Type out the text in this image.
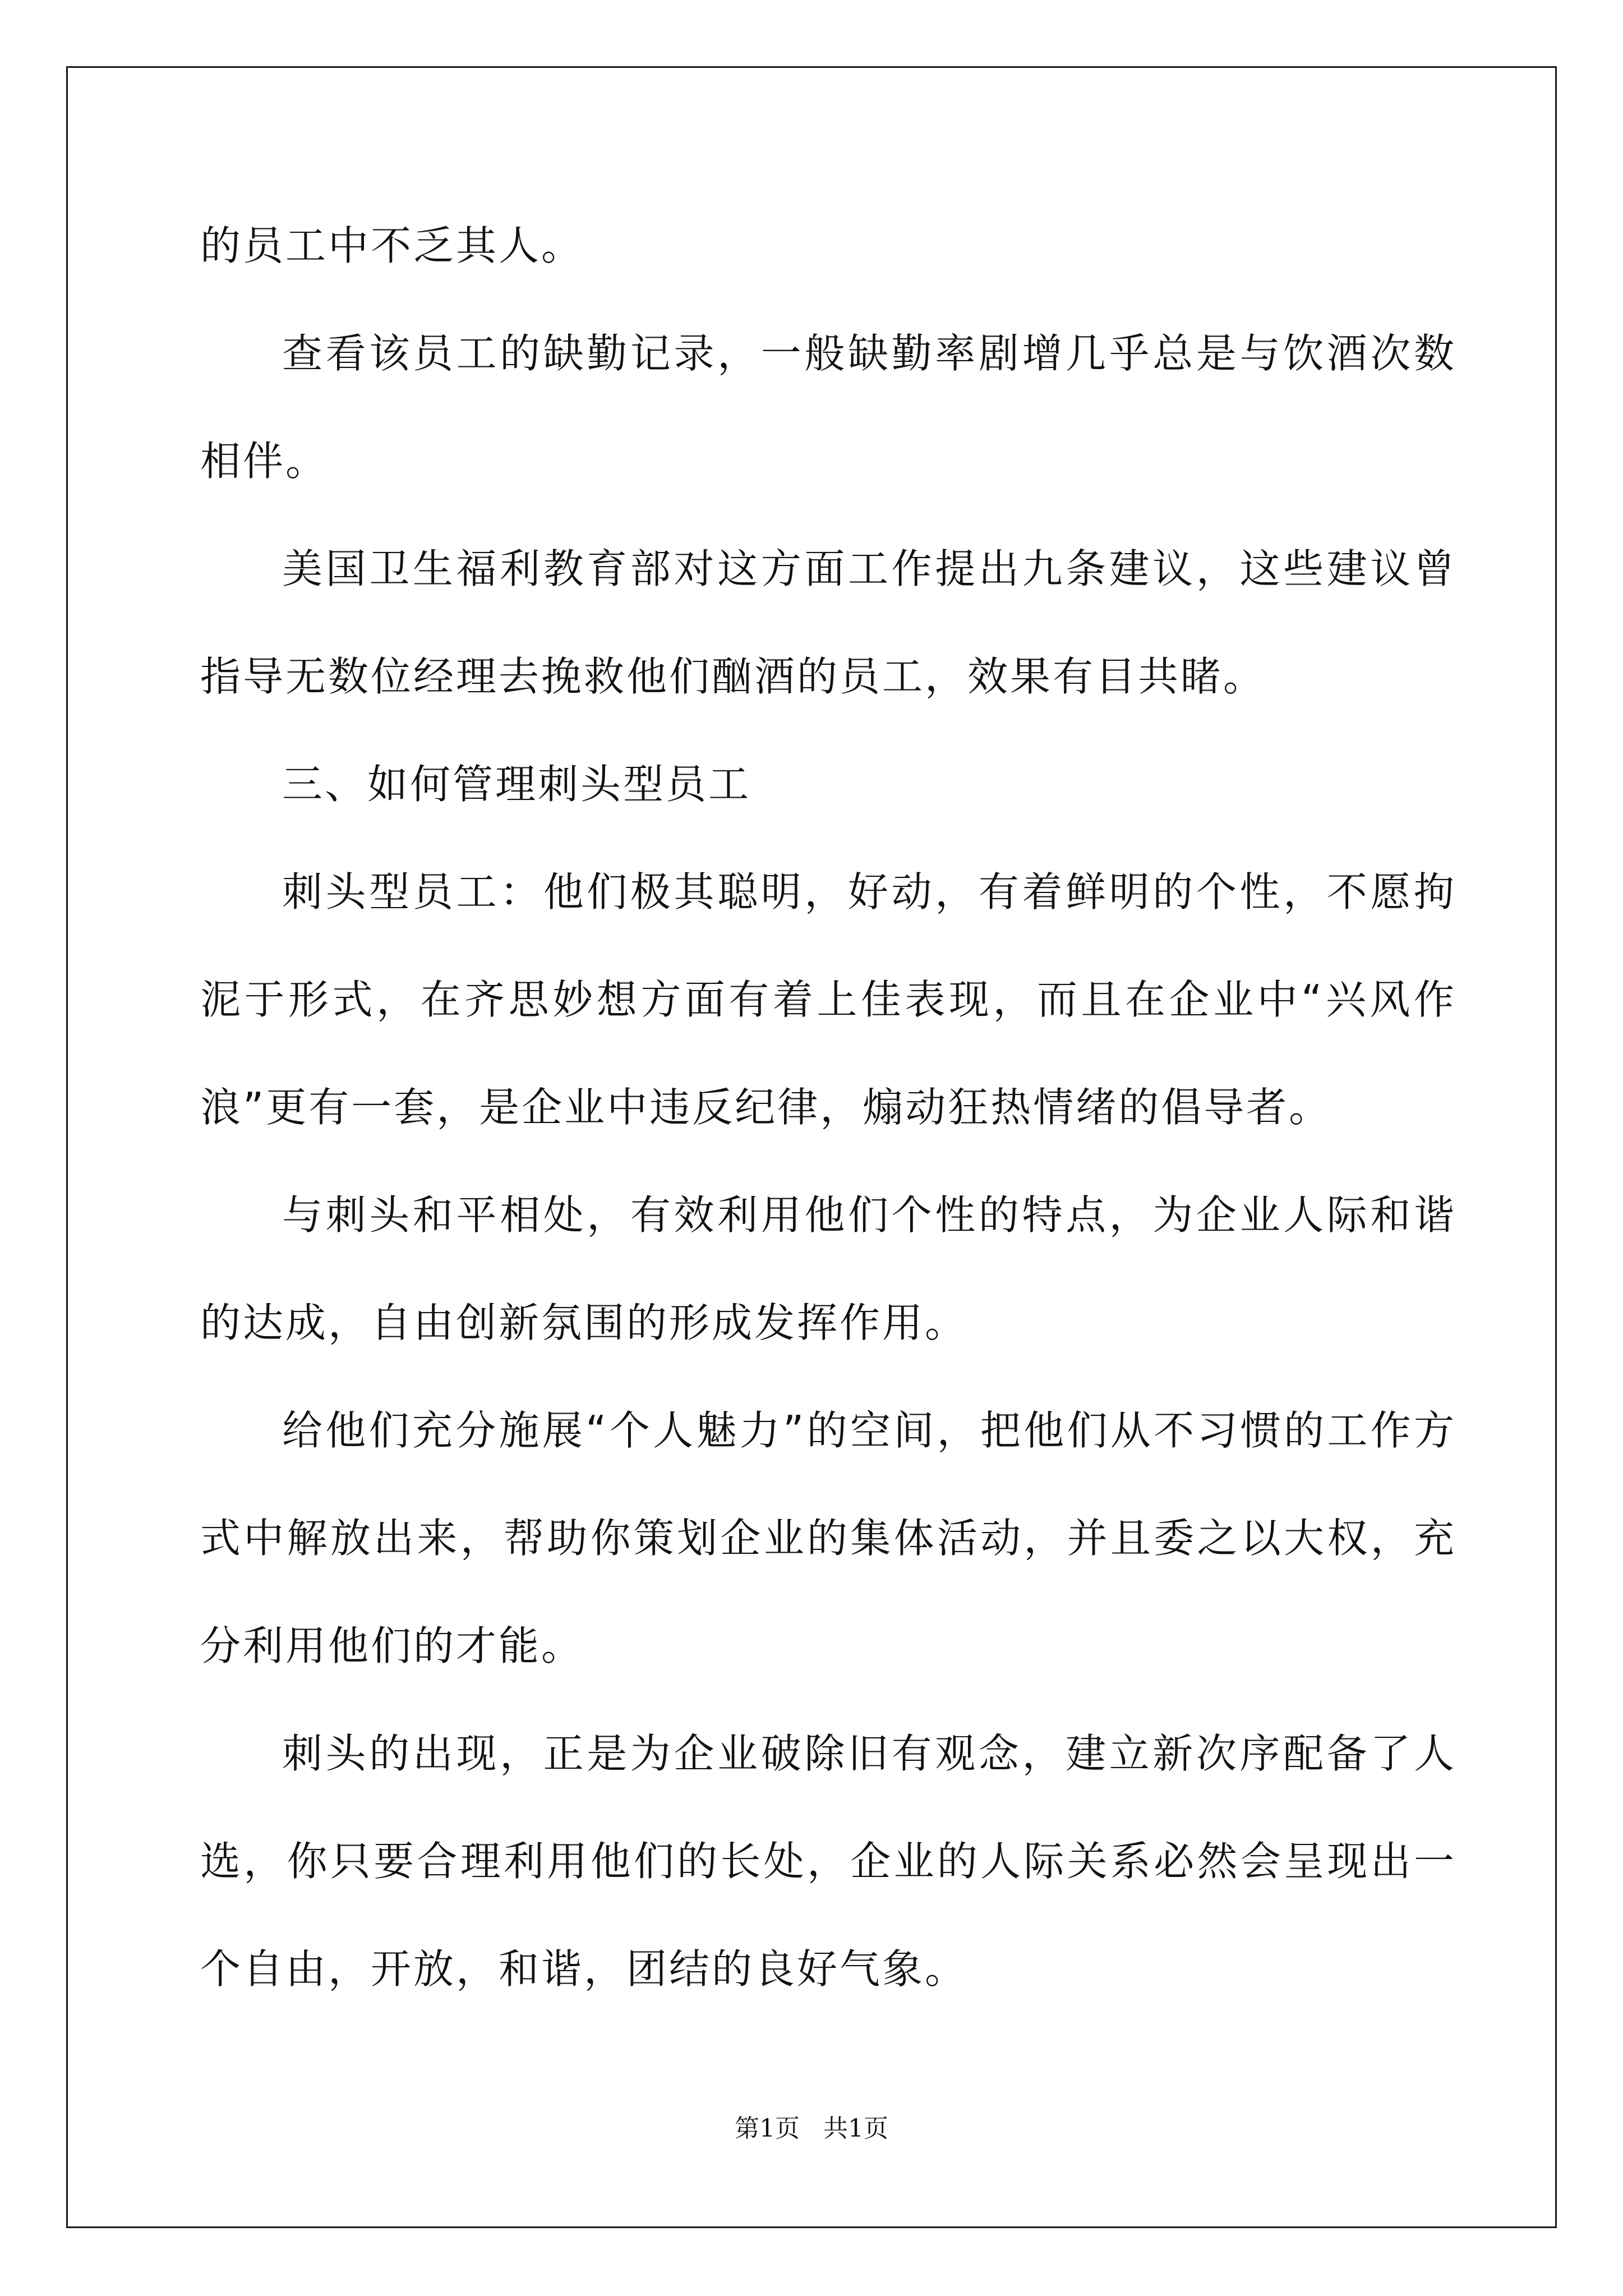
的员工中不乏其人。

查看该员工的缺勤记录，一般缺勤率剧增几乎总是与饮酒次数相伴。

美国卫生福利教育部对这方面工作提出九条建议，这些建议曾指导无数位经理去挽救他们酗酒的员工，效果有目共睹。

三、如何管理刺头型员工

刺头型员工：他们极其聪明，好动，有着鲜明的个性，不愿拘泥于形式，在齐思妙想方面有着上佳表现，而且在企业中“兴风作浪”更有一套，是企业中违反纪律，煽动狂热情绪的倡导者。

与刺头和平相处，有效利用他们个性的特点，为企业人际和谐的达成，自由创新氛围的形成发挥作用。

给他们充分施展“个人魅力”的空间，把他们从不习惯的工作方式中解放出来，帮助你策划企业的集体活动，并且委之以大权，充分利用他们的才能。

刺头的出现，正是为企业破除旧有观念，建立新次序配备了人选，你只要合理利用他们的长处，企业的人际关系必然会呈现出一个自由，开放，和谐，团结的良好气象。

第1页   共1页
